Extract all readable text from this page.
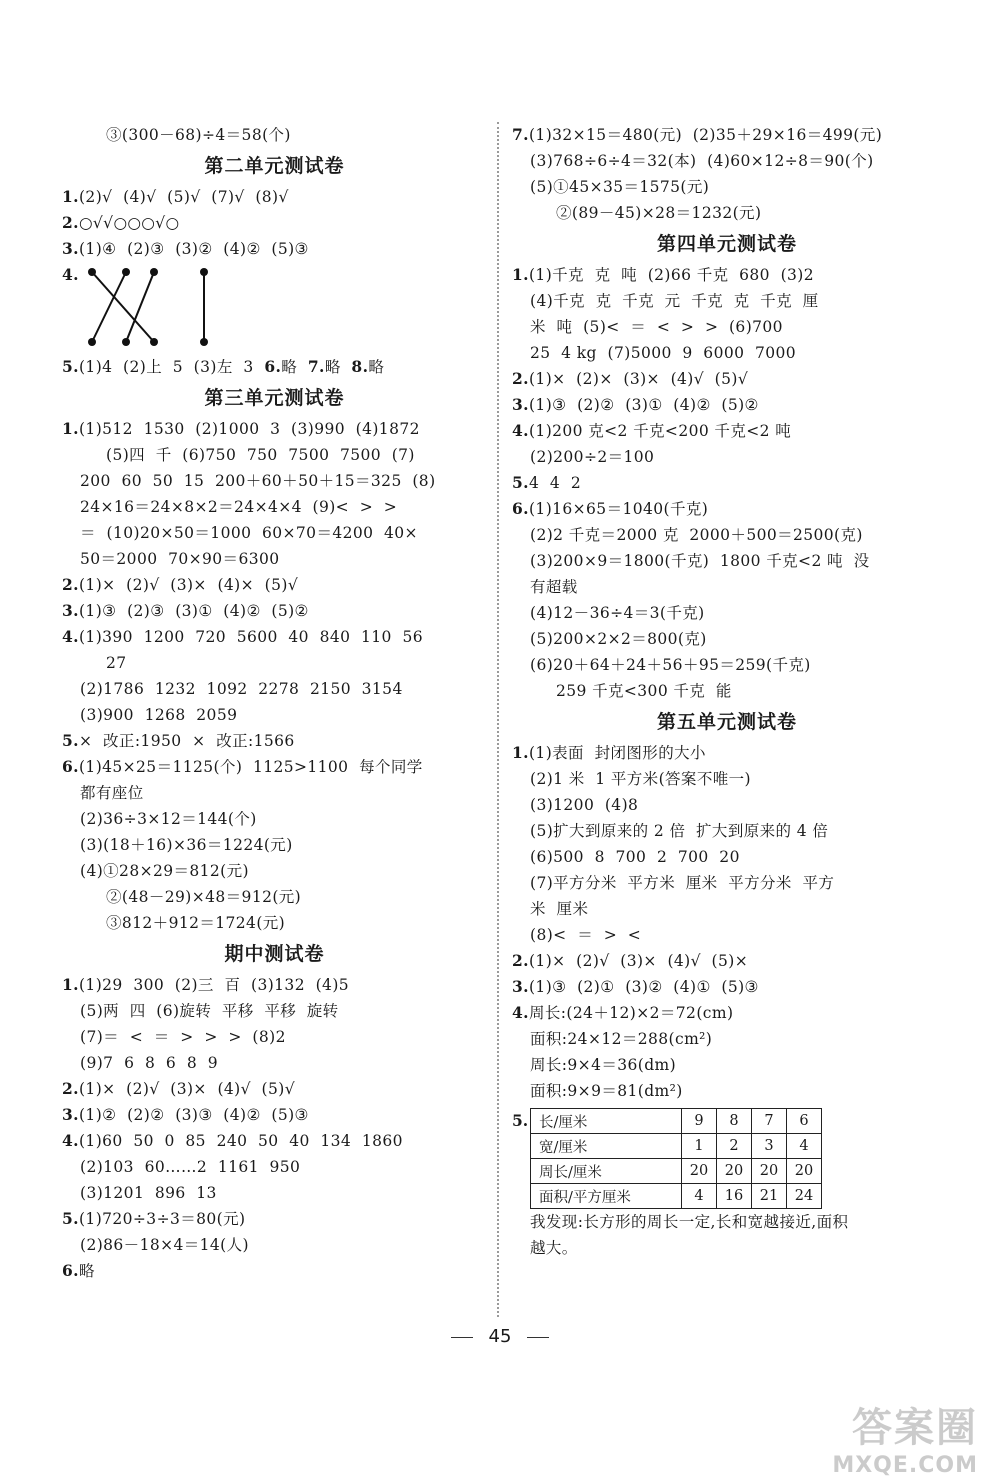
③(300－68)÷4＝58(个)
第二单元测试卷
1.(2)√  (4)√  (5)√  (7)√  (8)√
2.○√√○○○√○
3.(1)④  (2)③  (3)②  (4)②  (5)③
4.
5.(1)4  (2)上  5  (3)左  3  6.略  7.略  8.略
第三单元测试卷
1.(1)512  1530  (2)1000  3  (3)990  (4)1872
(5)四  千  (6)750  750  7500  7500  (7)
200  60  50  15  200＋60＋50＋15＝325  (8)
24×16＝24×8×2＝24×4×4  (9)<  >  >
＝  (10)20×50＝1000  60×70＝4200  40×
50＝2000  70×90＝6300
2.(1)×  (2)√  (3)×  (4)×  (5)√
3.(1)③  (2)③  (3)①  (4)②  (5)②
4.(1)390  1200  720  5600  40  840  110  56
27
(2)1786  1232  1092  2278  2150  3154
(3)900  1268  2059
5.×  改正:1950  ×  改正:1566
6.(1)45×25＝1125(个)  1125>1100  每个同学
都有座位
(2)36÷3×12＝144(个)
(3)(18＋16)×36＝1224(元)
(4)①28×29＝812(元)
②(48－29)×48＝912(元)
③812＋912＝1724(元)
期中测试卷
1.(1)29  300  (2)三  百  (3)132  (4)5
(5)两  四  (6)旋转  平移  平移  旋转
(7)＝  <  ＝  >  >  >  (8)2
(9)7  6  8  6  8  9
2.(1)×  (2)√  (3)×  (4)√  (5)√
3.(1)②  (2)②  (3)③  (4)②  (5)③
4.(1)60  50  0  85  240  50  40  134  1860
(2)103  60……2  1161  950
(3)1201  896  13
5.(1)720÷3÷3＝80(元)
(2)86－18×4＝14(人)
6.略
7.(1)32×15＝480(元)  (2)35＋29×16＝499(元)
(3)768÷6÷4＝32(本)  (4)60×12÷8＝90(个)
(5)①45×35＝1575(元)
②(89－45)×28＝1232(元)
第四单元测试卷
1.(1)千克  克  吨  (2)66 千克  680  (3)2
(4)千克  克  千克  元  千克  克  千克  厘
米  吨  (5)<  ＝  <  >  >  (6)700
25  4 kg  (7)5000  9  6000  7000
2.(1)×  (2)×  (3)×  (4)√  (5)√
3.(1)③  (2)②  (3)①  (4)②  (5)②
4.(1)200 克<2 千克<200 千克<2 吨
(2)200÷2＝100
5.4  4  2
6.(1)16×65＝1040(千克)
(2)2 千克＝2000 克  2000＋500＝2500(克)
(3)200×9＝1800(千克)  1800 千克<2 吨  没
有超载
(4)12－36÷4＝3(千克)
(5)200×2×2＝800(克)
(6)20＋64＋24＋56＋95＝259(千克)
259 千克<300 千克  能
第五单元测试卷
1.(1)表面  封闭图形的大小
(2)1 米  1 平方米(答案不唯一)
(3)1200  (4)8
(5)扩大到原来的 2 倍  扩大到原来的 4 倍
(6)500  8  700  2  700  20
(7)平方分米  平方米  厘米  平方分米  平方
米  厘米
(8)<  ＝  >  <
2.(1)×  (2)√  (3)×  (4)√  (5)×
3.(1)③  (2)①  (3)②  (4)①  (5)③
4.周长:(24＋12)×2＝72(cm)
面积:24×12＝288(cm²)
周长:9×4＝36(dm)
面积:9×9＝81(dm²)
5. 长/厘米	9	8	7	6
宽/厘米	1	2	3	4
周长/厘米	20	20	20	20
面积/平方厘米	4	16	21	24
我发现:长方形的周长一定,长和宽越接近,面积
越大。
45
答案圈
MXQE.COM
